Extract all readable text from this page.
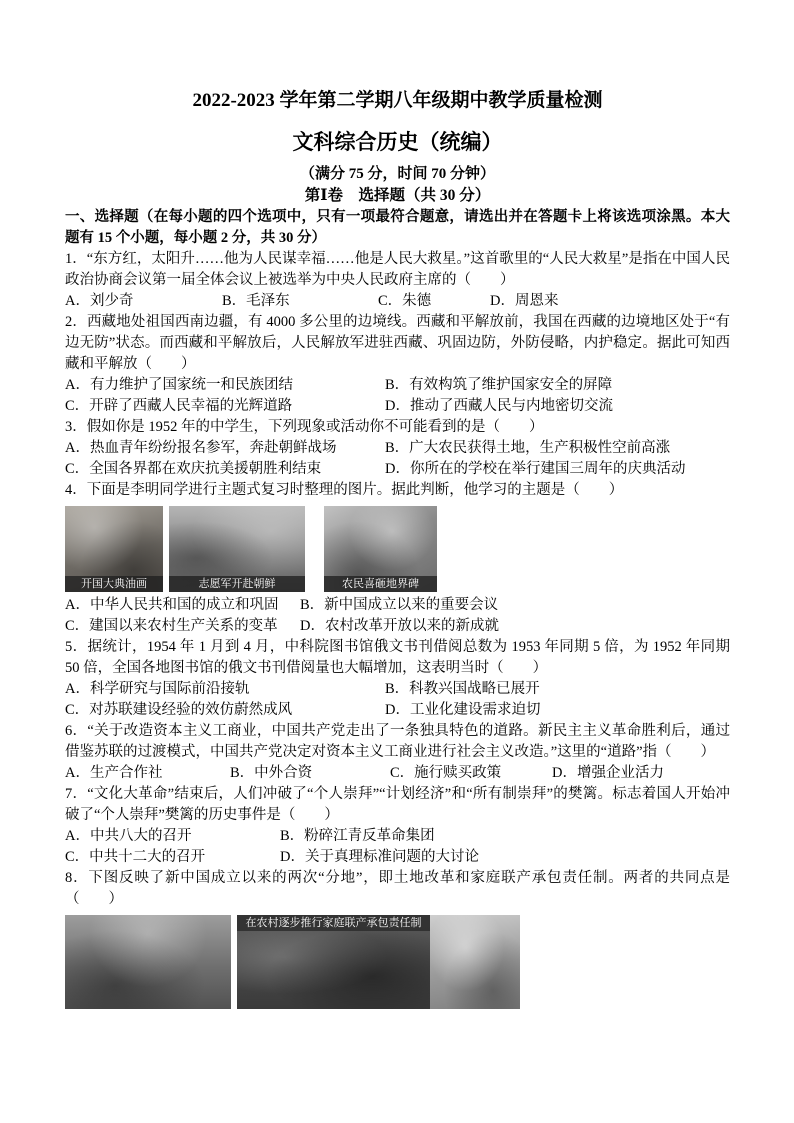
2022-2023 学年第二学期八年级期中教学质量检测
文科综合历史（统编）
（满分 75 分，时间 70 分钟）
第Ⅰ卷　选择题（共 30 分）

一、选择题（在每小题的四个选项中，只有一项最符合题意，请选出并在答题卡上将该选项涂黑。本大题有 15 个小题，每小题 2 分，共 30 分）

1．“东方红，太阳升……他为人民谋幸福……他是人民大救星。”这首歌里的“人民大救星”是指在中国人民政治协商会议第一届全体会议上被选举为中央人民政府主席的（　　）

A．刘少奇	B．毛泽东	C．朱德	D．周恩来

2．西藏地处祖国西南边疆，有 4000 多公里的边境线。西藏和平解放前，我国在西藏的边境地区处于“有边无防”状态。而西藏和平解放后，人民解放军进驻西藏、巩固边防，外防侵略，内护稳定。据此可知西藏和平解放（　　）

A．有力维护了国家统一和民族团结	B．有效构筑了维护国家安全的屏障
C．开辟了西藏人民幸福的光辉道路	D．推动了西藏人民与内地密切交流

3．假如你是 1952 年的中学生，下列现象或活动你不可能看到的是（　　）

A．热血青年纷纷报名参军，奔赴朝鲜战场	B．广大农民获得土地，生产积极性空前高涨
C．全国各界都在欢庆抗美援朝胜利结束	D．你所在的学校在举行建国三周年的庆典活动

4．下面是李明同学进行主题式复习时整理的图片。据此判断，他学习的主题是（　　）

开国大典油画	志愿军开赴朝鲜	农民喜砸地界碑
A．中华人民共和国的成立和巩固	B．新中国成立以来的重要会议
C．建国以来农村生产关系的变革	D．农村改革开放以来的新成就

5．据统计，1954 年 1 月到 4 月，中科院图书馆俄文书刊借阅总数为 1953 年同期 5 倍，为 1952 年同期 50 倍，全国各地图书馆的俄文书刊借阅量也大幅增加，这表明当时（　　）

A．科学研究与国际前沿接轨	B．科教兴国战略已展开
C．对苏联建设经验的效仿蔚然成风	D．工业化建设需求迫切

6．“关于改造资本主义工商业，中国共产党走出了一条独具特色的道路。新民主主义革命胜利后，通过借鉴苏联的过渡模式，中国共产党决定对资本主义工商业进行社会主义改造。”这里的“道路”指（　　）

A．生产合作社	B．中外合资	C．施行赎买政策	D．增强企业活力

7．“文化大革命”结束后，人们冲破了“个人崇拜”“计划经济”和“所有制崇拜”的樊篱。标志着国人开始冲破了“个人崇拜”樊篱的历史事件是（　　）

A．中共八大的召开	B．粉碎江青反革命集团
C．中共十二大的召开	D．关于真理标准问题的大讨论

8．下图反映了新中国成立以来的两次“分地”，即土地改革和家庭联产承包责任制。两者的共同点是（　　）

在农村逐步推行家庭联产承包责任制
